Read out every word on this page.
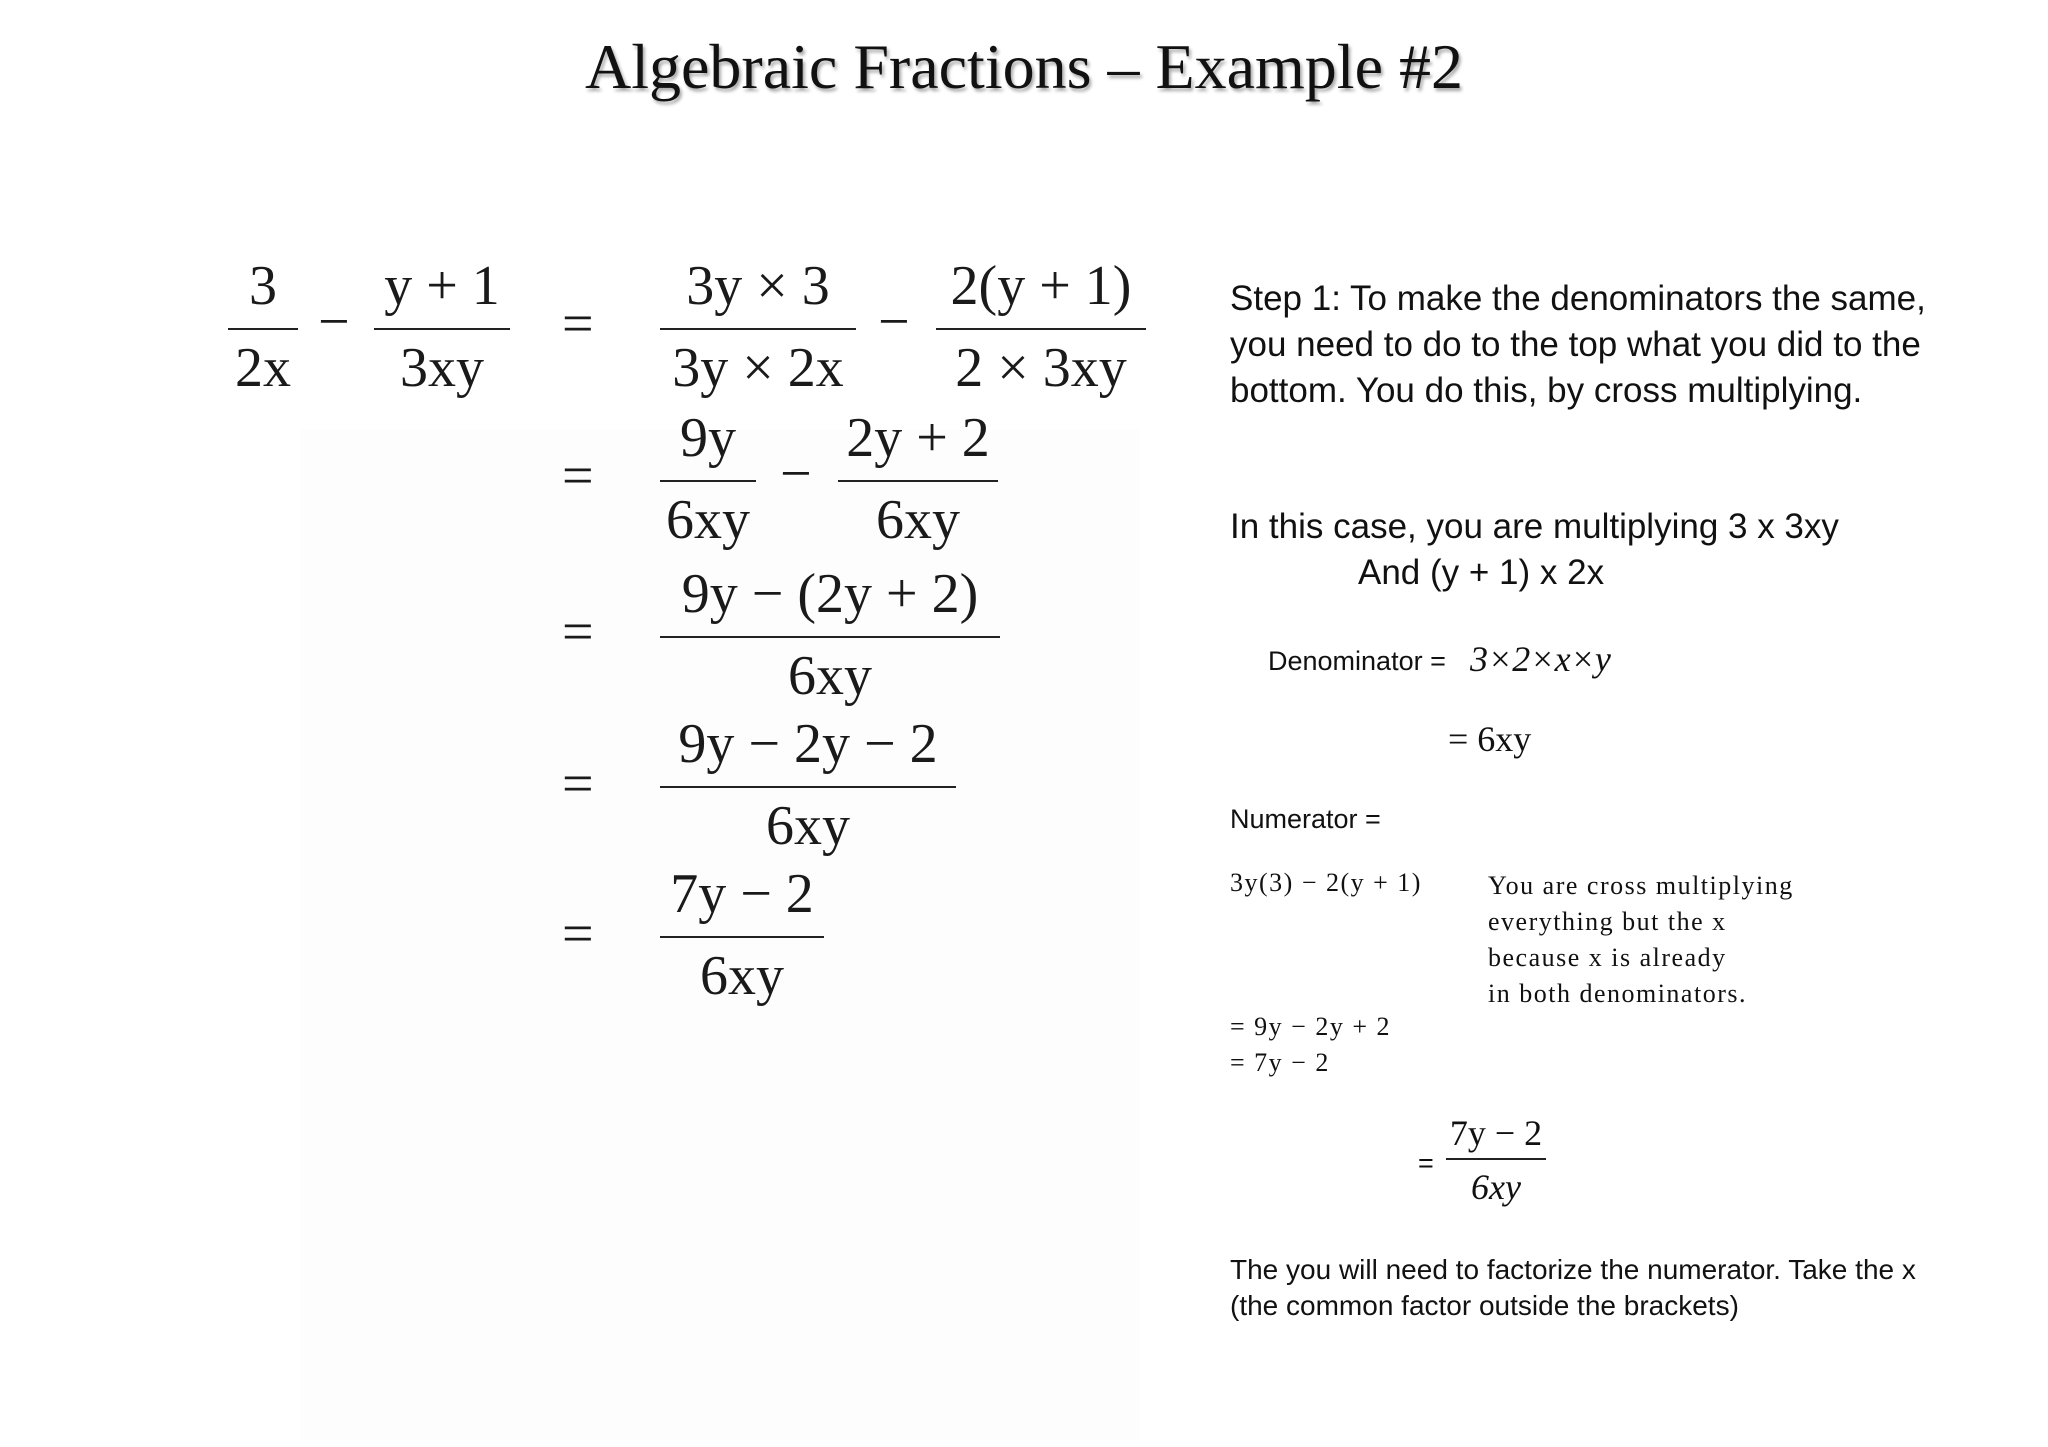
Algebraic Fractions – Example #2
3
2x
−
y + 1
3xy
=
3y × 3
3y × 2x
−
2(y + 1)
2 × 3xy
=
9y
6xy
−
2y + 2
6xy
=
9y − (2y + 2)
6xy
=
9y − 2y − 2
6xy
=
7y − 2
6xy
Step 1: To make the denominators the same, you need to do to the top what you did to the bottom. You do this, by cross multiplying.
In this case, you are multiplying 3 x 3xy
And (y + 1) x 2x
Denominator = 3×2×x×y
= 6xy
Numerator =
3y(3) − 2(y + 1)	You are cross multiplying
everything but the x
because x is already
in both denominators.
= 9y − 2y + 2
= 7y − 2
=
7y − 2
6xy
The you will need to factorize the numerator. Take the x (the common factor outside the brackets)
